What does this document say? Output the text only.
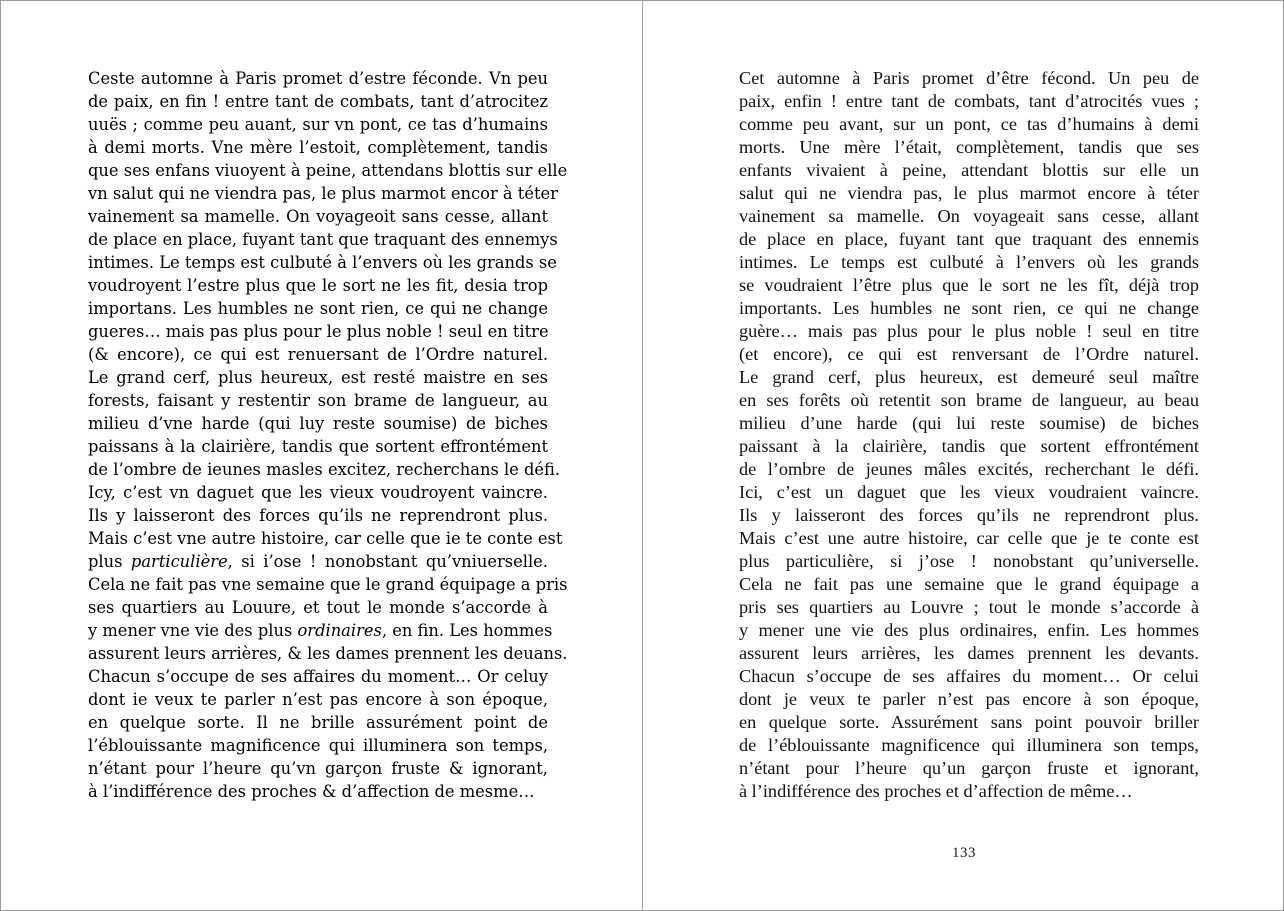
Ceste automne à Paris promet d’estre féconde. Vn peu
de paix, en fin ! entre tant de combats, tant d’atrocitez
uuës ; comme peu auant, sur vn pont, ce tas d’humains
à demi morts. Vne mère l’estoit, complètement, tandis
que ses enfans viuoyent à peine, attendans blottis sur elle
vn salut qui ne viendra pas, le plus marmot encor à téter
vainement sa mamelle. On voyageoit sans cesse, allant
de place en place, fuyant tant que traquant des ennemys
intimes. Le temps est culbuté à l’envers où les grands se
voudroyent l’estre plus que le sort ne les fit, desia trop
importans. Les humbles ne sont rien, ce qui ne change
gueres… mais pas plus pour le plus noble ! seul en titre
(& encore), ce qui est renuersant de l’Ordre naturel.
Le grand cerf, plus heureux, est resté maistre en ses
forests, faisant y restentir son brame de langueur, au
milieu d’vne harde (qui luy reste soumise) de biches
paissans à la clairière, tandis que sortent effrontément
de l’ombre de ieunes masles excitez, recherchans le défi.
Icy, c’est vn daguet que les vieux voudroyent vaincre.
Ils y laisseront des forces qu’ils ne reprendront plus.
Mais c’est vne autre histoire, car celle que ie te conte est
plus particulière, si i’ose ! nonobstant qu’vniuerselle.
Cela ne fait pas vne semaine que le grand équipage a pris
ses quartiers au Louure, et tout le monde s’accorde à
y mener vne vie des plus ordinaires, en fin. Les hommes
assurent leurs arrières, & les dames prennent les deuans.
Chacun s’occupe de ses affaires du moment… Or celuy
dont ie veux te parler n’est pas encore à son époque,
en quelque sorte. Il ne brille assurément point de
l’éblouissante magnificence qui illuminera son temps,
n’étant pour l’heure qu’vn garçon fruste & ignorant,
à l’indifférence des proches & d’affection de mesme…
Cet automne à Paris promet d’être fécond. Un peu de
paix, enfin ! entre tant de combats, tant d’atrocités vues ;
comme peu avant, sur un pont, ce tas d’humains à demi
morts. Une mère l’était, complètement, tandis que ses
enfants vivaient à peine, attendant blottis sur elle un
salut qui ne viendra pas, le plus marmot encore à téter
vainement sa mamelle. On voyageait sans cesse, allant
de place en place, fuyant tant que traquant des ennemis
intimes. Le temps est culbuté à l’envers où les grands
se voudraient l’être plus que le sort ne les fît, déjà trop
importants. Les humbles ne sont rien, ce qui ne change
guère… mais pas plus pour le plus noble ! seul en titre
(et encore), ce qui est renversant de l’Ordre naturel.
Le grand cerf, plus heureux, est demeuré seul maître
en ses forêts où retentit son brame de langueur, au beau
milieu d’une harde (qui lui reste soumise) de biches
paissant à la clairière, tandis que sortent effrontément
de l’ombre de jeunes mâles excités, recherchant le défi.
Ici, c’est un daguet que les vieux voudraient vaincre.
Ils y laisseront des forces qu’ils ne reprendront plus.
Mais c’est une autre histoire, car celle que je te conte est
plus particulière, si j’ose ! nonobstant qu’universelle.
Cela ne fait pas une semaine que le grand équipage a
pris ses quartiers au Louvre ; tout le monde s’accorde à
y mener une vie des plus ordinaires, enfin. Les hommes
assurent leurs arrières, les dames prennent les devants.
Chacun s’occupe de ses affaires du moment… Or celui
dont je veux te parler n’est pas encore à son époque,
en quelque sorte. Assurément sans point pouvoir briller
de l’éblouissante magnificence qui illuminera son temps,
n’étant pour l’heure qu’un garçon fruste et ignorant,
à l’indifférence des proches et d’affection de même…
133
